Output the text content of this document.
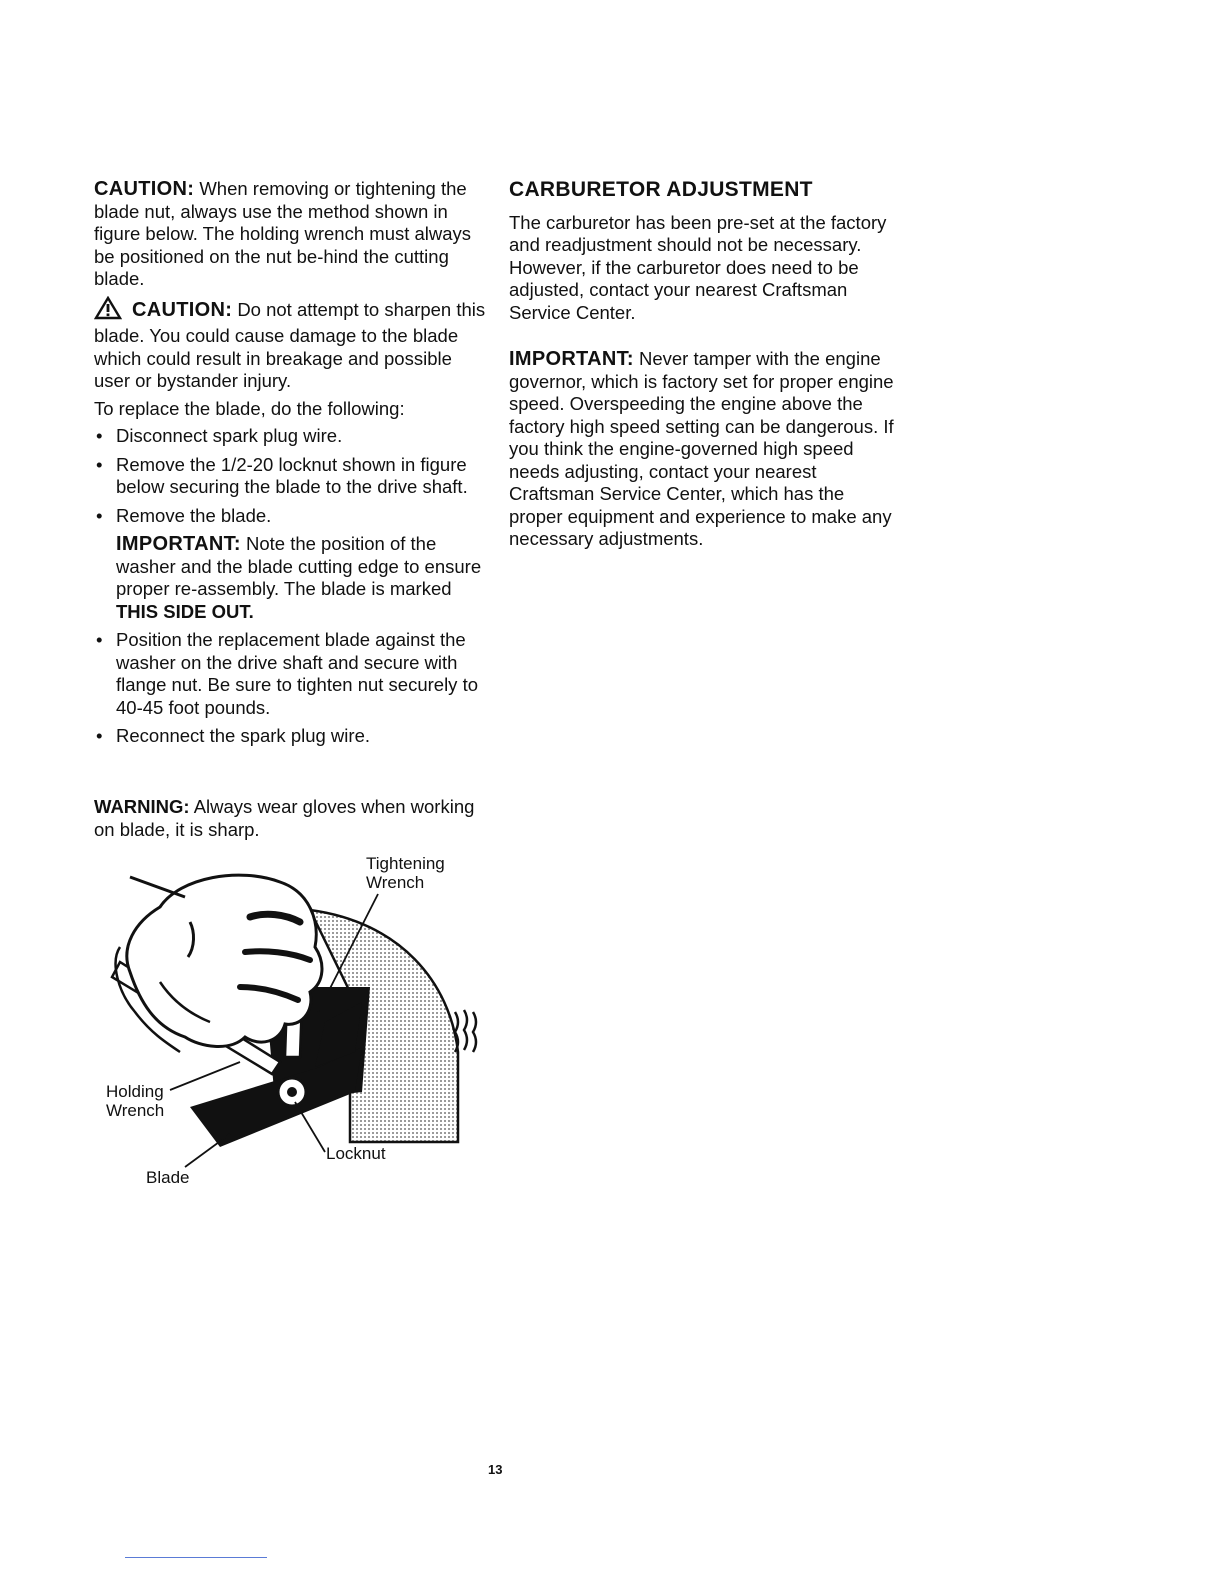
CAUTION: When removing or tightening the blade nut, always use the method shown in figure below. The holding wrench must always be positioned on the nut be-hind the cutting blade.

CAUTION: Do not attempt to sharpen this blade. You could cause damage to the blade which could result in breakage and possible user or bystander injury.

To replace the blade, do the following:

• Disconnect spark plug wire.
• Remove the 1/2-20 locknut shown in figure below securing the blade to the drive shaft.
• Remove the blade.

IMPORTANT: Note the position of the washer and the blade cutting edge to ensure proper re-assembly. The blade is marked THIS SIDE OUT.

• Position the replacement blade against the washer on the drive shaft and secure with flange nut. Be sure to tighten nut securely to 40-45 foot pounds.
• Reconnect the spark plug wire.
WARNING: Always wear gloves when working on blade, it is sharp.
Tightening
Wrench
Holding
Wrench
Locknut
Blade
CARBURETOR ADJUSTMENT

The carburetor has been pre-set at the factory and readjustment should not be necessary. However, if the carburetor does need to be adjusted, contact your nearest Craftsman Service Center.

IMPORTANT: Never tamper with the engine governor, which is factory set for proper engine speed. Overspeeding the engine above the factory high speed setting can be dangerous. If you think the engine-governed high speed needs adjusting, contact your nearest Craftsman Service Center, which has the proper equipment and experience to make any necessary adjustments.

13
